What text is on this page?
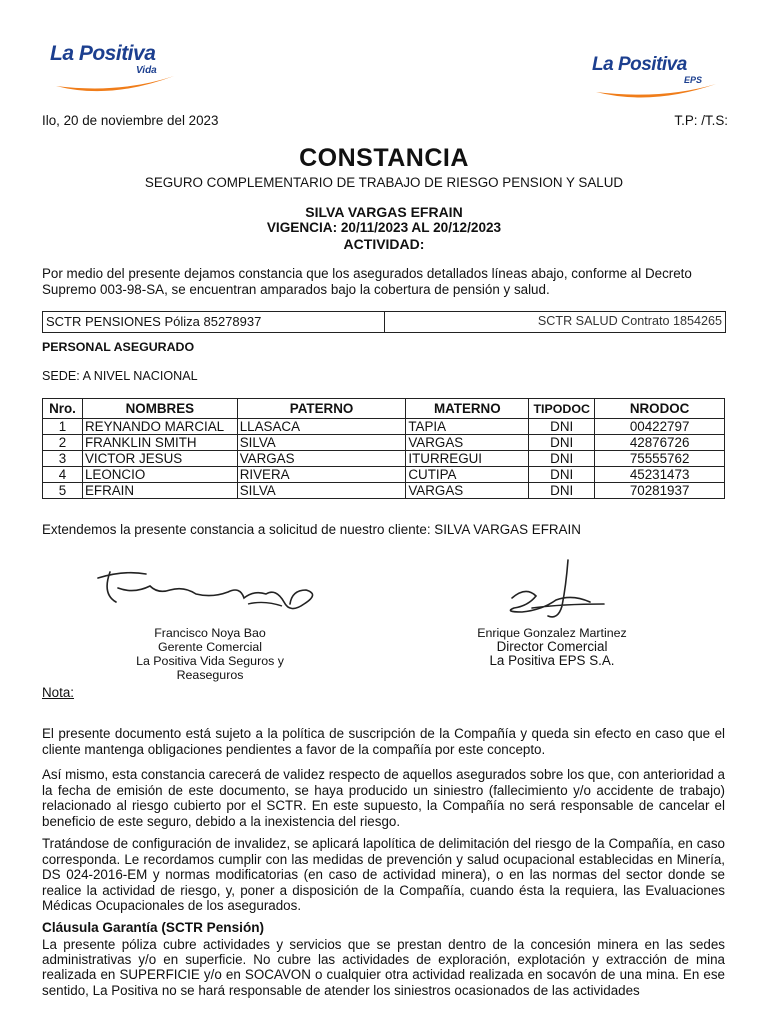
La Positiva
Vida	La Positiva
EPS
Ilo, 20 de noviembre del 2023	T.P: /T.S:
CONSTANCIA
SEGURO COMPLEMENTARIO DE TRABAJO DE RIESGO PENSION Y SALUD
SILVA VARGAS EFRAIN
VIGENCIA: 20/11/2023 AL 20/12/2023
ACTIVIDAD:

Por medio del presente dejamos constancia que los asegurados detallados líneas abajo, conforme al Decreto Supremo 003-98-SA, se encuentran amparados bajo la cobertura de pensión y salud.

SCTR PENSIONES Póliza 85278937	SCTR SALUD Contrato 1854265
PERSONAL ASEGURADO
SEDE: A NIVEL NACIONAL
Nro.	NOMBRES	PATERNO	MATERNO	TIPODOC	NRODOC
1	REYNANDO MARCIAL	LLASACA	TAPIA	DNI	00422797
2	FRANKLIN SMITH	SILVA	VARGAS	DNI	42876726
3	VICTOR JESUS	VARGAS	ITURREGUI	DNI	75555762
4	LEONCIO	RIVERA	CUTIPA	DNI	45231473
5	EFRAIN	SILVA	VARGAS	DNI	70281937
Extendemos la presente constancia a solicitud de nuestro cliente: SILVA VARGAS EFRAIN
Francisco Noya Bao
Gerente Comercial
La Positiva Vida Seguros y Reaseguros
Enrique Gonzalez Martinez
Director Comercial
La Positiva EPS S.A.
Nota:

El presente documento está sujeto a la política de suscripción de la Compañía y queda sin efecto en caso que el cliente mantenga obligaciones pendientes a favor de la compañía por este concepto.

Así mismo, esta constancia carecerá de validez respecto de aquellos asegurados sobre los que, con anterioridad a la fecha de emisión de este documento, se haya producido un siniestro (fallecimiento y/o accidente de trabajo) relacionado al riesgo cubierto por el SCTR. En este supuesto, la Compañía no será responsable de cancelar el beneficio de este seguro, debido a la inexistencia del riesgo.

Tratándose de configuración de invalidez, se aplicará lapolítica de delimitación del riesgo de la Compañía, en caso corresponda. Le recordamos cumplir con las medidas de prevención y salud ocupacional establecidas en Minería, DS 024-2016-EM y normas modificatorias (en caso de actividad minera), o en las normas del sector donde se realice la actividad de riesgo, y, poner a disposición de la Compañía, cuando ésta la requiera, las Evaluaciones Médicas Ocupacionales de los asegurados.

Cláusula Garantía (SCTR Pensión)

La presente póliza cubre actividades y servicios que se prestan dentro de la concesión minera en las sedes administrativas y/o en superficie. No cubre las actividades de exploración, explotación y extracción de mina realizada en SUPERFICIE y/o en SOCAVON o cualquier otra actividad realizada en socavón de una mina. En ese sentido, La Positiva no se hará responsable de atender los siniestros ocasionados de las actividades
